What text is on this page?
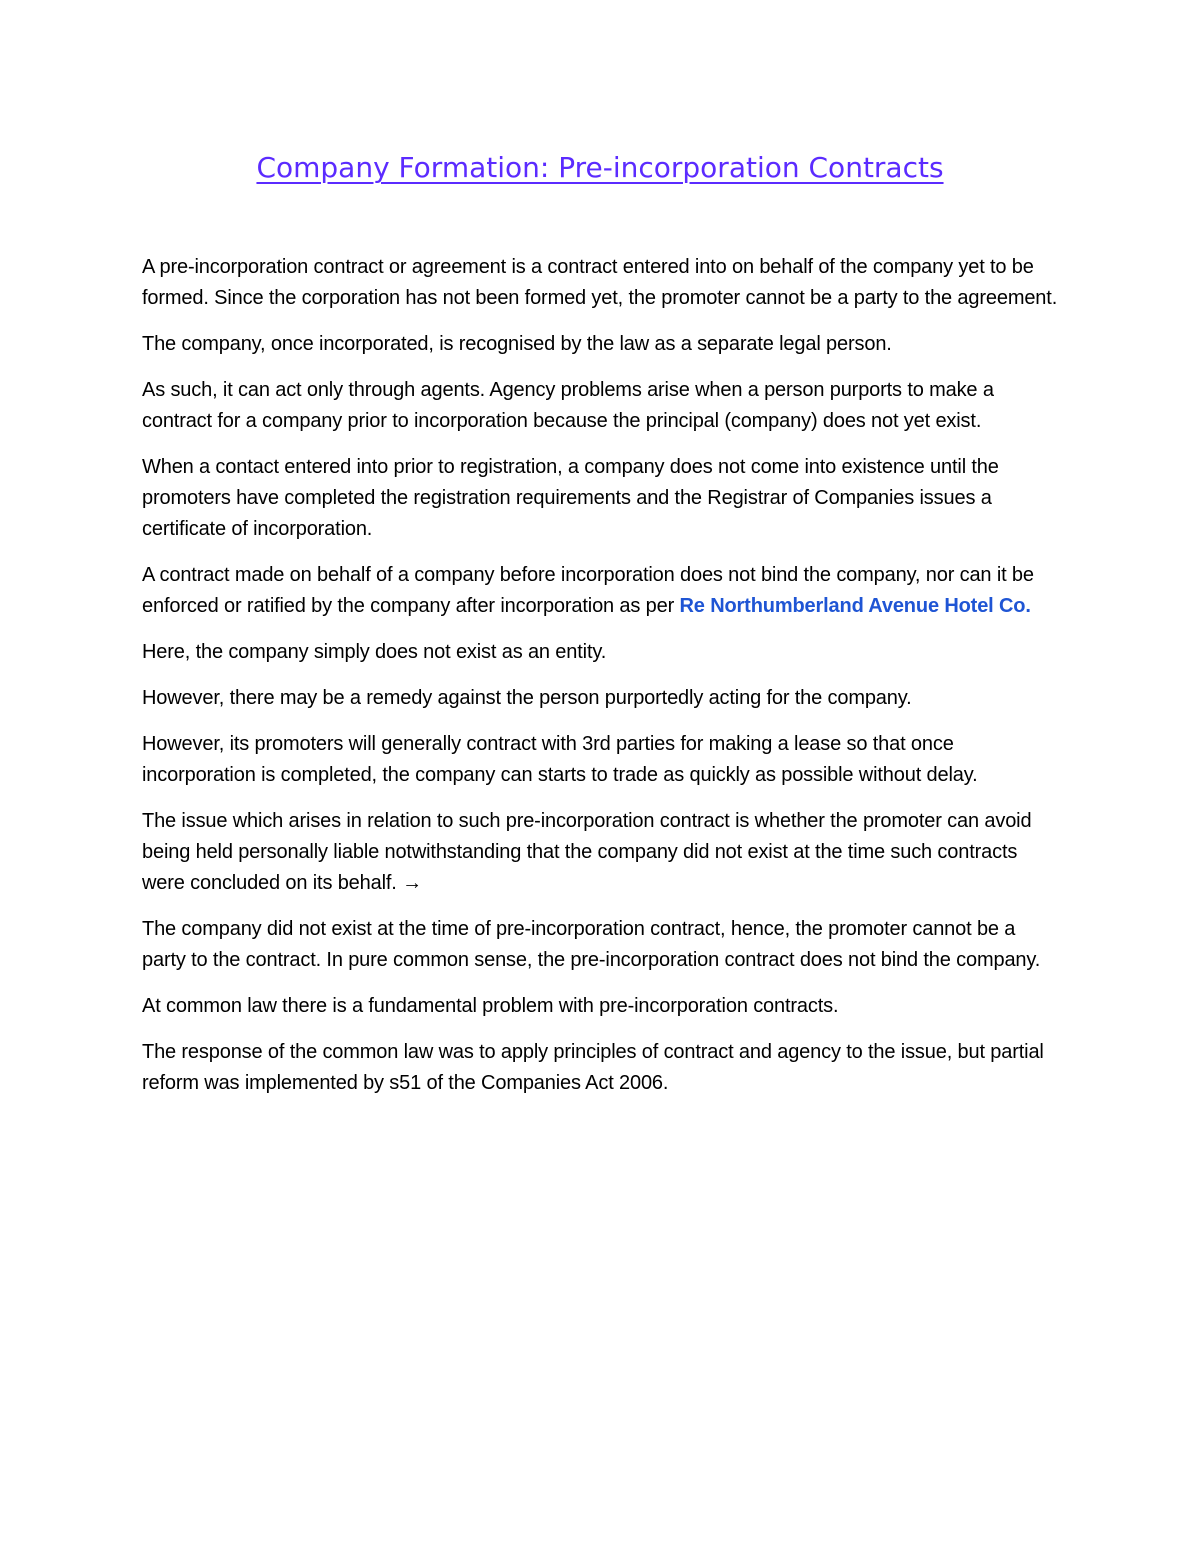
Company Formation: Pre-incorporation Contracts

A pre-incorporation contract or agreement is a contract entered into on behalf of the company yet to be formed. Since the corporation has not been formed yet, the promoter cannot be a party to the agreement.

The company, once incorporated, is recognised by the law as a separate legal person.

As such, it can act only through agents. Agency problems arise when a person purports to make a contract for a company prior to incorporation because the principal (company) does not yet exist.

When a contact entered into prior to registration, a company does not come into existence until the promoters have completed the registration requirements and the Registrar of Companies issues a certificate of incorporation.

A contract made on behalf of a company before incorporation does not bind the company, nor can it be enforced or ratified by the company after incorporation as per Re Northumberland Avenue Hotel Co.

Here, the company simply does not exist as an entity.

However, there may be a remedy against the person purportedly acting for the company.

However, its promoters will generally contract with 3rd parties for making a lease so that once incorporation is completed, the company can starts to trade as quickly as possible without delay.

The issue which arises in relation to such pre-incorporation contract is whether the promoter can avoid being held personally liable notwithstanding that the company did not exist at the time such contracts were concluded on its behalf. →

The company did not exist at the time of pre-incorporation contract, hence, the promoter cannot be a party to the contract. In pure common sense, the pre-incorporation contract does not bind the company.

At common law there is a fundamental problem with pre-incorporation contracts.

The response of the common law was to apply principles of contract and agency to the issue, but partial reform was implemented by s51 of the Companies Act 2006.
